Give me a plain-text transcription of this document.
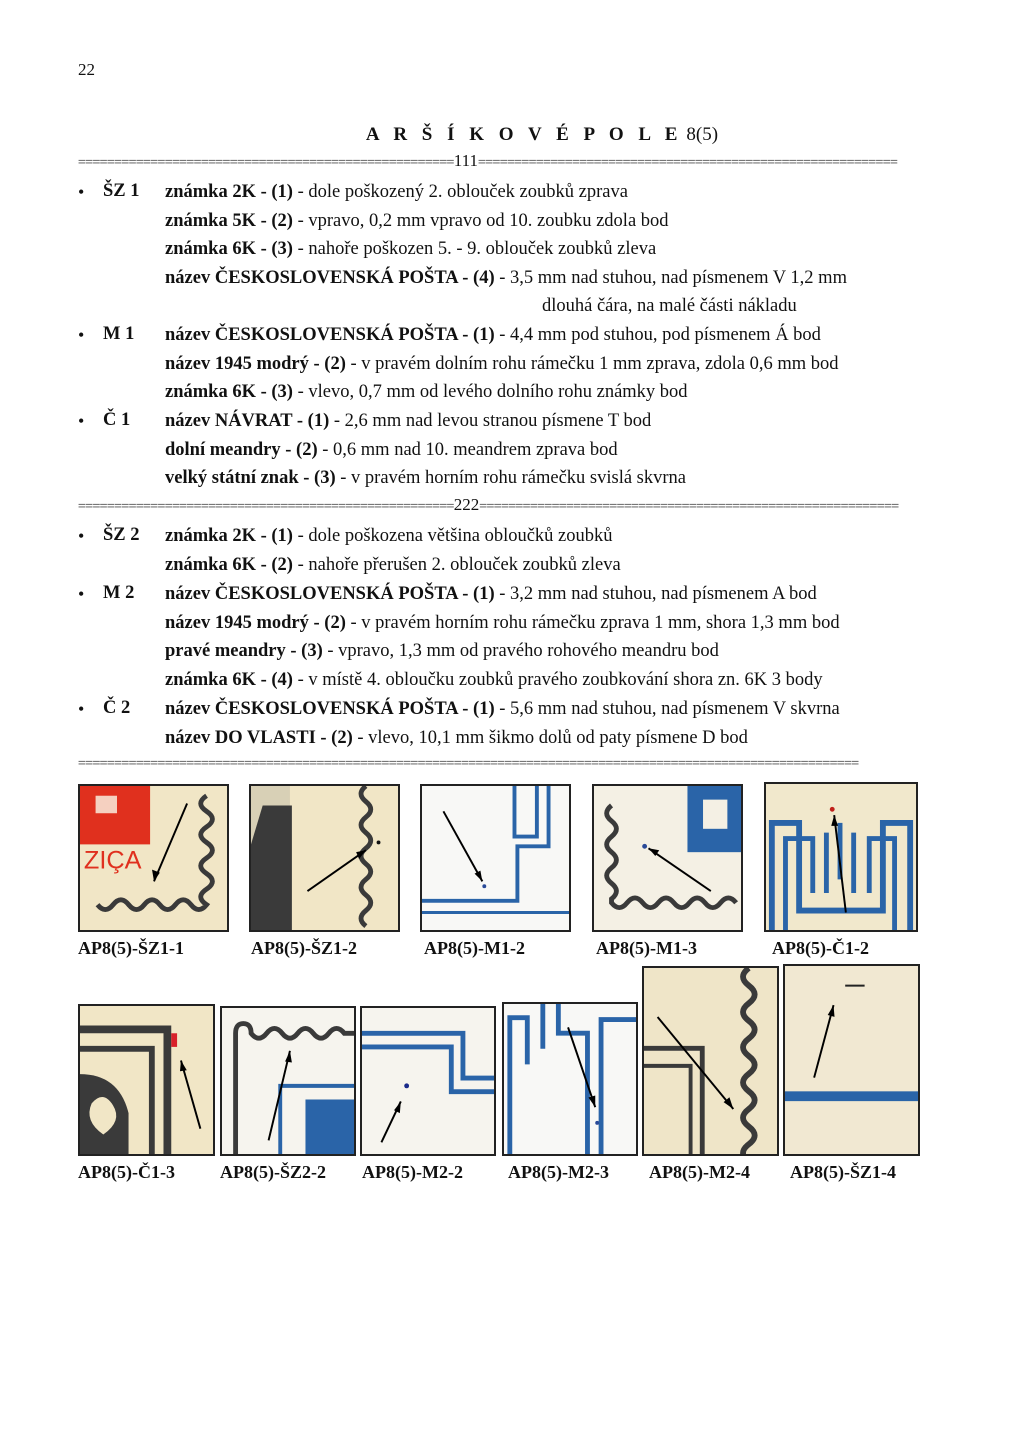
22
A R Š Í K O V É P O L E 8(5)
====================================================111==========================================================
• ŠZ 1 známka 2K - (1) - dole poškozený 2. oblouček zoubků zprava
známka 5K - (2) - vpravo, 0,2 mm vpravo od 10. zoubku zdola bod
známka 6K - (3) - nahoře poškozen 5. - 9. oblouček zoubků zleva
název ČESKOSLOVENSKÁ POŠTA - (4) - 3,5 mm nad stuhou, nad písmenem V 1,2 mm
dlouhá čára, na malé části nákladu
• M 1 název ČESKOSLOVENSKÁ POŠTA - (1) - 4,4 mm pod stuhou, pod písmenem Á bod
název 1945 modrý - (2) - v pravém dolním rohu rámečku 1 mm zprava, zdola 0,6 mm bod
známka 6K - (3) - vlevo, 0,7 mm od levého dolního rohu známky bod
• Č 1 název NÁVRAT - (1) - 2,6 mm nad levou stranou písmene T bod
dolní meandry - (2) - 0,6 mm nad 10. meandrem zprava bod
velký státní znak - (3) - v pravém horním rohu rámečku svislá skvrna
====================================================222==========================================================
• ŠZ 2 známka 2K - (1) - dole poškozena většina obloučků zoubků
známka 6K - (2) - nahoře přerušen 2. oblouček zoubků zleva
• M 2 název ČESKOSLOVENSKÁ POŠTA - (1) - 3,2 mm nad stuhou, nad písmenem A bod
název 1945 modrý - (2) - v pravém horním rohu rámečku zprava 1 mm, shora 1,3 mm bod
pravé meandry - (3) - vpravo, 1,3 mm od pravého rohového meandru bod
známka 6K - (4) - v místě 4. obloučku zoubků pravého zoubkování shora zn. 6K 3 body
• Č 2 název ČESKOSLOVENSKÁ POŠTA - (1) - 5,6 mm nad stuhou, nad písmenem V skvrna
název DO VLASTI - (2) - vlevo, 10,1 mm šikmo dolů od paty písmene D bod
============================================================================================================
ZIÇA
AP8(5)-ŠZ1-1	AP8(5)-ŠZ1-2	AP8(5)-M1-2	AP8(5)-M1-3	AP8(5)-Č1-2
AP8(5)-Č1-3	AP8(5)-ŠZ2-2 AP8(5)-M2-2	AP8(5)-M2-3 AP8(5)-M2-4 AP8(5)-ŠZ1-4
